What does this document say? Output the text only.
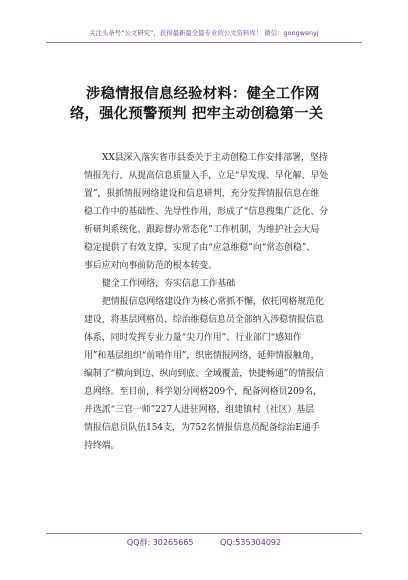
关注头条号“公文研究”，获得最新最全最专业的公文资料库！ 微信：gongwenyj
涉稳情报信息经验材料：健全工作网
络，强化预警预判 把牢主动创稳第一关
XX县深入落实省市县委关于主动创稳工作安排部署，坚持
情报先行，从提高信息质量入手，立足“早发现、早化解、早处
置”，狠抓情报网络建设和信息研判，充分发挥情报信息在维
稳工作中的基础性、先导性作用，形成了“信息搜集广泛化、分
析研判系统化、跟踪督办常态化”工作机制，为维护社会大局
稳定提供了有效支撑，实现了由“应急维稳”向“常态创稳”、
事后应对向事前防范的根本转变。
健全工作网络，夯实信息工作基础
把情报信息网络建设作为核心常抓不懈，依托网格规范化
建设，将基层网格员、综治维稳信息员全部纳入涉稳情报信息
体系，同时发挥专业力量“尖刀作用”、行业部门“感知作
用”和基层组织“前哨作用”，织密情报网络，延伸情报触角，
编制了“横向到边、纵向到底、全域覆盖，快捷畅通”的情报信
息网络。至目前，科学划分网格209个，配备网格员209名，
并选派“三官一师”227人进驻网格，组建镇村（社区）基层
情报信息员队伍154支，为752名情报信息员配备综治E通手
持终端。
QQ群: 30265665	QQ:535304092
